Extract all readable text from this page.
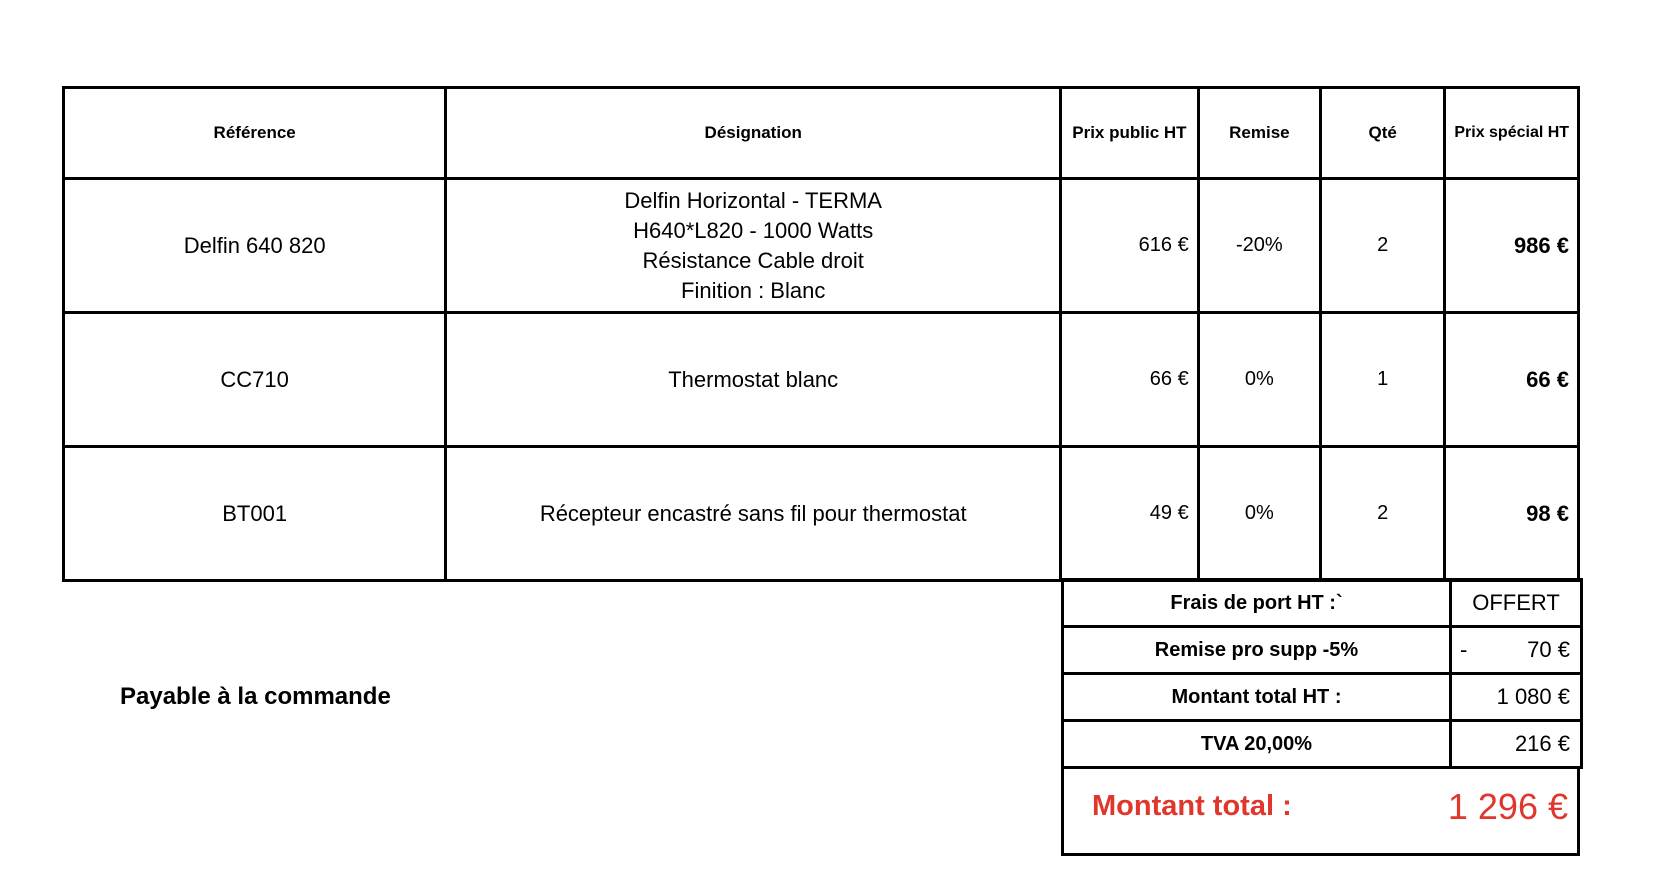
Référence	Désignation	Prix public HT	Remise	Qté	Prix spécial HT
Delfin 640 820	Delfin Horizontal - TERMA
H640*L820 - 1000 Watts
Résistance Cable droit
Finition : Blanc	616 €	-20%	2	986 €
CC710	Thermostat blanc	66 €	0%	1	66 €
BT001	Récepteur encastré sans fil pour thermostat	49 €	0%	2	98 €
Frais de port HT :`	OFFERT
Remise pro supp -5%	- 70 €

Montant total HT :	1 080 €
TVA 20,00%	216 €
Montant total :	1 296 €
Payable à la commande
